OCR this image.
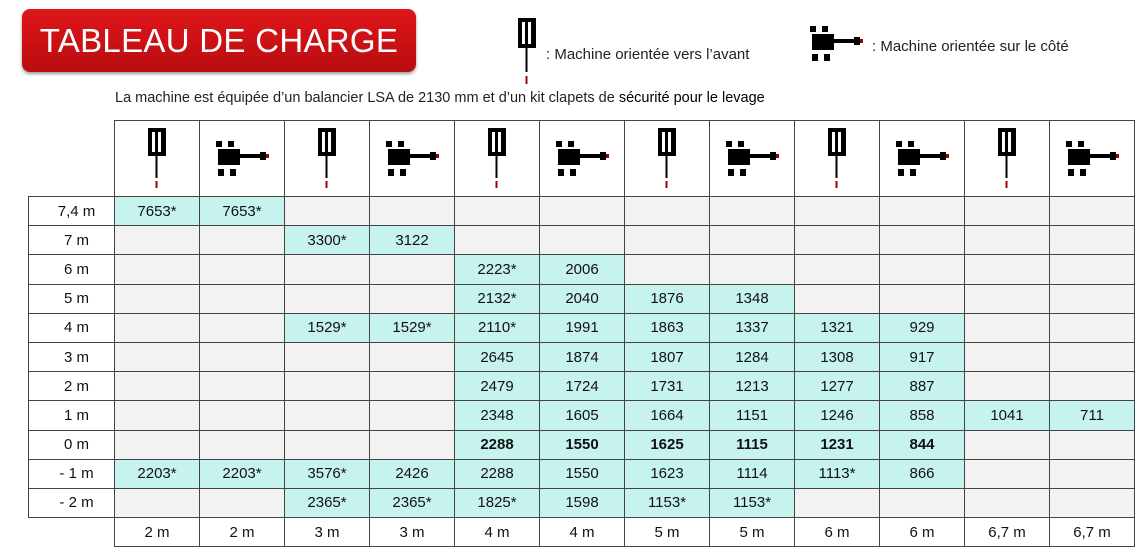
TABLEAU DE CHARGE	: Machine orientée vers l’avant	: Machine orientée sur le côté
La machine est équipée d’un balancier LSA de 2130 mm et d’un kit clapets de sécurité pour le levage

7,4 m	7653*	7653*										
7 m			3300*	3122								
6 m					2223*	2006						
5 m					2132*	2040	1876	1348				
4 m			1529*	1529*	2110*	1991	1863	1337	1321	929		
3 m					2645	1874	1807	1284	1308	917		
2 m					2479	1724	1731	1213	1277	887		
1 m					2348	1605	1664	1151	1246	858	1041	711
0 m					2288	1550	1625	1115	1231	844		
- 1 m	2203*	2203*	3576*	2426	2288	1550	1623	1114	1113*	866		
- 2 m			2365*	2365*	1825*	1598	1153*	1153*				
	2 m	2 m	3 m	3 m	4 m	4 m	5 m	5 m	6 m	6 m	6,7 m	6,7 m
